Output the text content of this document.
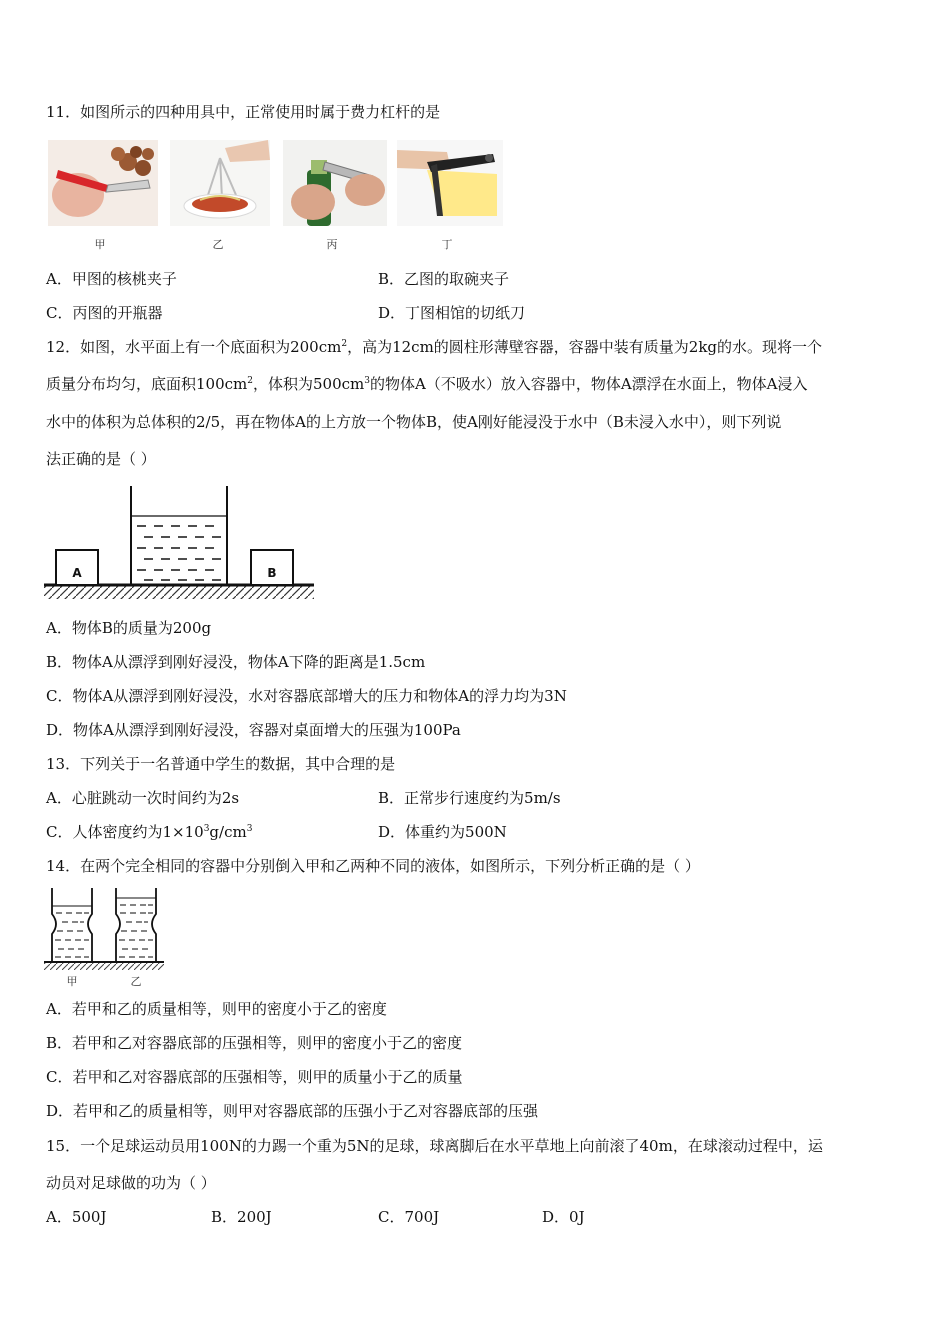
11．如图所示的四种用具中，正常使用时属于费力杠杆的是
甲	乙	丙	丁
A．甲图的核桃夹子	B．乙图的取碗夹子
C．丙图的开瓶器	D．丁图相馆的切纸刀
12．如图，水平面上有一个底面积为$200cm^2$，高为12cm的圆柱形薄壁容器，容器中装有质量为2kg的水。现将一个
质量分布均匀，底面积$100cm^2$，体积为$500cm^3$的物体A（不吸水）放入容器中，物体A漂浮在水面上，物体A浸入
水中的体积为总体积的2/5，再在物体A的上方放一个物体B，使A刚好能浸没于水中（B未浸入水中），则下列说
法正确的是（ ）
A	B
A．物体B的质量为200g
B．物体A从漂浮到刚好浸没，物体A下降的距离是1.5cm
C．物体A从漂浮到刚好浸没，水对容器底部增大的压力和物体A的浮力均为3N
D．物体A从漂浮到刚好浸没，容器对桌面增大的压强为100Pa
13．下列关于一名普通中学生的数据，其中合理的是
A．心脏跳动一次时间约为2s	B．正常步行速度约为5m/s
C．人体密度约为$1\times 10^3g/cm^3$	D．体重约为500N
14．在两个完全相同的容器中分别倒入甲和乙两种不同的液体，如图所示，下列分析正确的是（ ）
甲	乙
A．若甲和乙的质量相等，则甲的密度小于乙的密度
B．若甲和乙对容器底部的压强相等，则甲的密度小于乙的密度
C．若甲和乙对容器底部的压强相等，则甲的质量小于乙的质量
D．若甲和乙的质量相等，则甲对容器底部的压强小于乙对容器底部的压强
15．一个足球运动员用100N的力踢一个重为5N的足球，球离脚后在水平草地上向前滚了40m，在球滚动过程中，运
动员对足球做的功为（ ）
A．500J	B．200J	C．700J	D．0J
